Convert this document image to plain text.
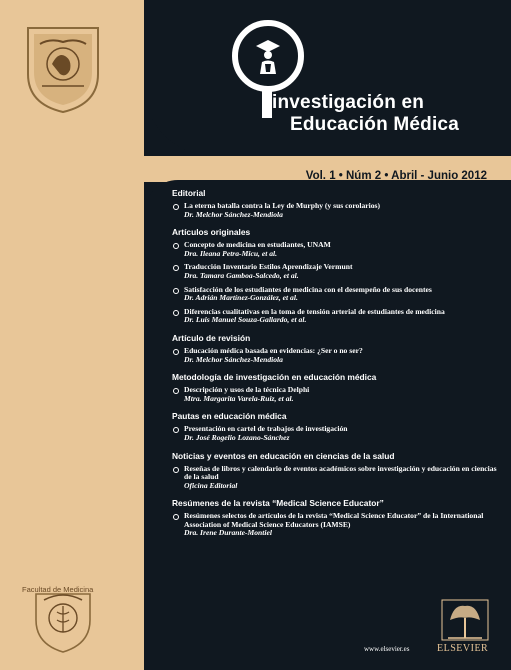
Facultad de Medicina
investigación en
Educación Médica
Vol. 1 • Núm 2 • Abril - Junio 2012
Editorial
La eterna batalla contra la Ley de Murphy (y sus corolarios)
Dr. Melchor Sánchez-Mendiola
Artículos originales
Concepto de medicina en estudiantes, UNAM
Dra. Ileana Petra-Micu, et al.
Traducción Inventario Estilos Aprendizaje Vermunt
Dra. Tamara Gamboa-Salcedo, et al.
Satisfacción de los estudiantes de medicina con el desempeño de sus docentes
Dr. Adrián Martínez-González, et al.
Diferencias cualitativas en la toma de tensión arterial de estudiantes de medicina
Dr. Luis Manuel Souza-Gallardo, et al.
Artículo de revisión
Educación médica basada en evidencias: ¿Ser o no ser?
Dr. Melchor Sánchez-Mendiola
Metodología de investigación en educación médica
Descripción y usos de la técnica Delphi
Mtra. Margarita Varela-Ruiz, et al.
Pautas en educación médica
Presentación en cartel de trabajos de investigación
Dr. José Rogelio Lozano-Sánchez
Noticias y eventos en educación en ciencias de la salud
Reseñas de libros y calendario de eventos académicos sobre investigación y educación en ciencias de la salud
Oficina Editorial
Resúmenes de la revista “Medical Science Educator”
Resúmenes selectos de artículos de la revista “Medical Science Educator” de la International Association of Medical Science Educators (IAMSE)
Dra. Irene Durante-Montiel
www.elsevier.es	ELSEVIER
